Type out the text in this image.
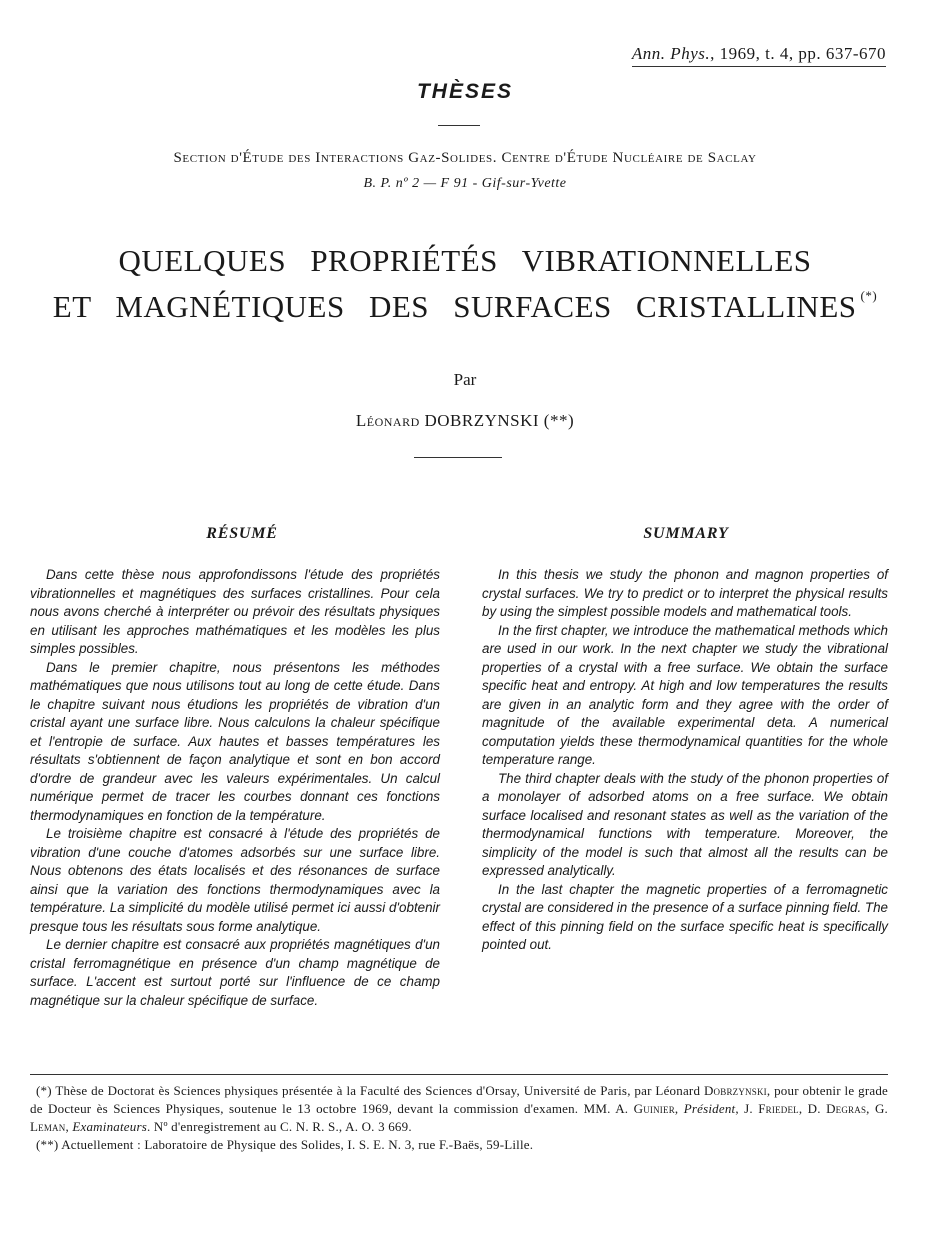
Ann. Phys., 1969, t. 4, pp. 637-670
THÈSES
Section d'Étude des Interactions Gaz-Solides. Centre d'Étude Nucléaire de Saclay
B. P. nº 2 — F 91 - Gif-sur-Yvette
QUELQUES PROPRIÉTÉS VIBRATIONNELLES
ET MAGNÉTIQUES DES SURFACES CRISTALLINES (*)
Par
Léonard DOBRZYNSKI (**)
RÉSUMÉ	SUMMARY

Dans cette thèse nous approfondissons l'étude des propriétés vibrationnelles et magnétiques des surfaces cristallines. Pour cela nous avons cherché à interpréter ou prévoir des résultats physiques en utilisant les approches mathématiques et les modèles les plus simples possibles.

Dans le premier chapitre, nous présentons les méthodes mathématiques que nous utilisons tout au long de cette étude. Dans le chapitre suivant nous étudions les propriétés de vibration d'un cristal ayant une surface libre. Nous calculons la chaleur spécifique et l'entropie de surface. Aux hautes et basses températures les résultats s'obtiennent de façon analytique et sont en bon accord d'ordre de grandeur avec les valeurs expérimentales. Un calcul numérique permet de tracer les courbes donnant ces fonctions thermodynamiques en fonction de la température.

Le troisième chapitre est consacré à l'étude des propriétés de vibration d'une couche d'atomes adsorbés sur une surface libre. Nous obtenons des états localisés et des résonances de surface ainsi que la variation des fonctions thermodynamiques avec la température. La simplicité du modèle utilisé permet ici aussi d'obtenir presque tous les résultats sous forme analytique.

Le dernier chapitre est consacré aux propriétés magnétiques d'un cristal ferromagnétique en présence d'un champ magnétique de surface. L'accent est surtout porté sur l'influence de ce champ magnétique sur la chaleur spécifique de surface.

In this thesis we study the phonon and magnon properties of crystal surfaces. We try to predict or to interpret the physical results by using the simplest possible models and mathematical tools.

In the first chapter, we introduce the mathematical methods which are used in our work. In the next chapter we study the vibrational properties of a crystal with a free surface. We obtain the surface specific heat and entropy. At high and low temperatures the results are given in an analytic form and they agree with the order of magnitude of the available experimental deta. A numerical computation yields these thermodynamical quantities for the whole temperature range.

The third chapter deals with the study of the phonon properties of a monolayer of adsorbed atoms on a free surface. We obtain surface localised and resonant states as well as the variation of the thermodynamical functions with temperature. Moreover, the simplicity of the model is such that almost all the results can be expressed analytically.

In the last chapter the magnetic properties of a ferromagnetic crystal are considered in the presence of a surface pinning field. The effect of this pinning field on the surface specific heat is specifically pointed out.

(*) Thèse de Doctorat ès Sciences physiques présentée à la Faculté des Sciences d'Orsay, Université de Paris, par Léonard Dobrzynski, pour obtenir le grade de Docteur ès Sciences Physiques, soutenue le 13 octobre 1969, devant la commission d'examen. MM. A. Guinier, Président, J. Friedel, D. Degras, G. Leman, Examinateurs. Nº d'enregistrement au C. N. R. S., A. O. 3 669.

(**) Actuellement : Laboratoire de Physique des Solides, I. S. E. N. 3, rue F.-Baës, 59-Lille.
